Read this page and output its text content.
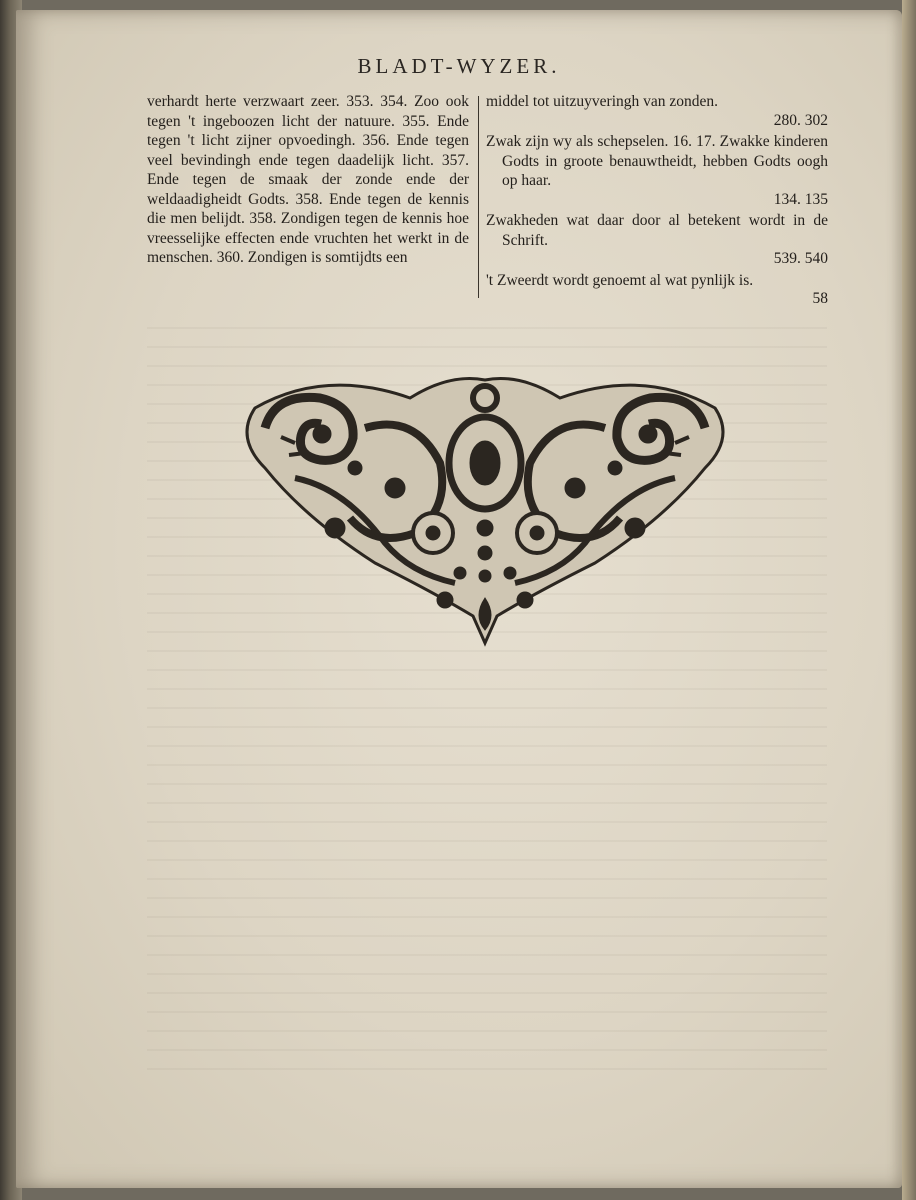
BLADT-WYZER.

verhardt herte verzwaart zeer. 353. 354. Zoo ook tegen 't ingeboozen licht der natuure. 355. Ende tegen 't licht zijner opvoedingh. 356. Ende tegen veel bevindingh ende tegen daadelijk licht. 357. Ende tegen de smaak der zonde ende der weldaadigheidt Godts. 358. Ende tegen de kennis die men belijdt. 358. Zondigen tegen de kennis hoe vreesselijke effecten ende vruchten het werkt in de menschen. 360. Zondigen is somtijdts een

middel tot uitzuyveringh van zonden.
280. 302
Zwak zijn wy als schepselen. 16. 17. Zwakke kinderen Godts in groote benauwtheidt, hebben Godts oogh op haar.
134. 135
Zwakheden wat daar door al betekent wordt in de Schrift.
539. 540
't Zweerdt wordt genoemt al wat pynlijk is.
58
